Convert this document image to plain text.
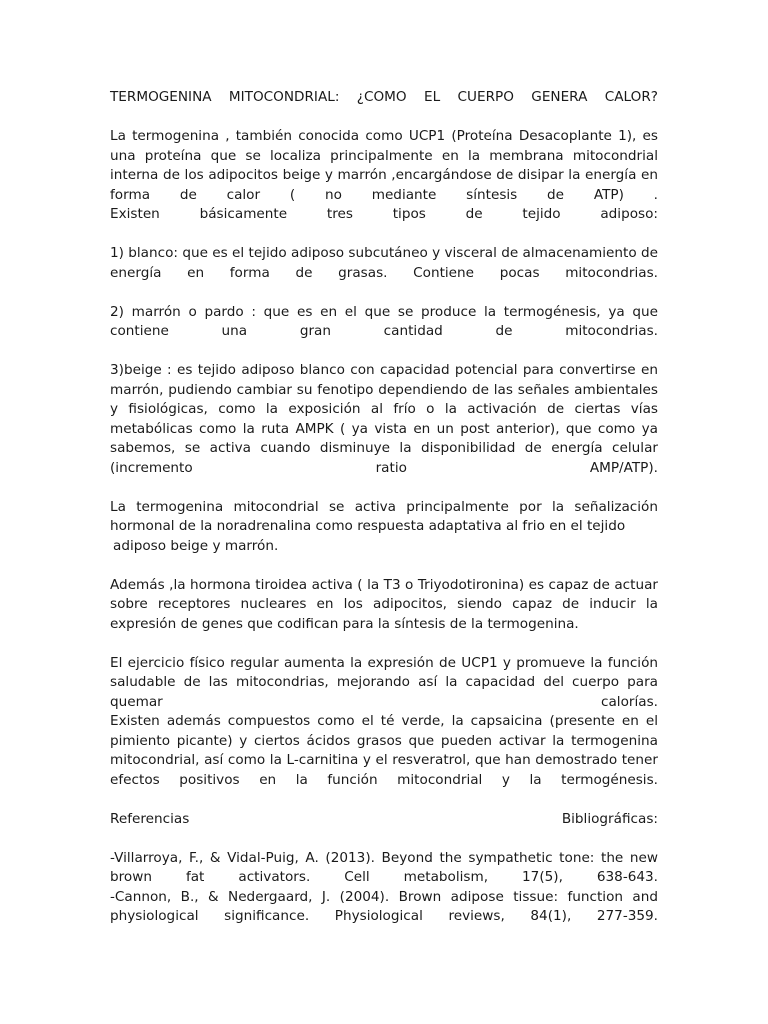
TERMOGENINA MITOCONDRIAL: ¿COMO EL CUERPO GENERA CALOR?

La termogenina , también conocida como UCP1 (Proteína Desacoplante 1), es una proteína que se localiza principalmente en la membrana mitocondrial interna de los adipocitos beige y marrón ,encargándose de disipar la energía en forma de calor ( no mediante síntesis de ATP) .

Existen básicamente tres tipos de tejido adiposo:

1) blanco: que es el tejido adiposo subcutáneo y visceral de almacenamiento de energía en forma de grasas. Contiene pocas mitocondrias.

2) marrón o pardo : que es en el que se produce la termogénesis, ya que contiene una gran cantidad de mitocondrias.

3)beige : es tejido adiposo blanco con capacidad potencial para convertirse en marrón, pudiendo cambiar su fenotipo dependiendo de las señales ambientales y fisiológicas, como la exposición al frío o la activación de ciertas vías metabólicas como la ruta AMPK ( ya vista en un post anterior), que como ya sabemos, se activa cuando disminuye la disponibilidad de energía celular (incremento ratio AMP/ATP).

La termogenina mitocondrial se activa principalmente por la señalización
hormonal de la noradrenalina como respuesta adaptativa al frio en el tejido
adiposo beige y marrón.

Además ,la hormona tiroidea activa ( la T3 o Triyodotironina) es capaz de actuar sobre receptores nucleares en los adipocitos, siendo capaz de inducir la expresión de genes que codifican para la síntesis de la termogenina.

El ejercicio físico regular aumenta la expresión de UCP1 y promueve la función saludable de las mitocondrias, mejorando así la capacidad del cuerpo para quemar calorías.

Existen además compuestos como el té verde, la capsaicina (presente en el pimiento picante) y ciertos ácidos grasos que pueden activar la termogenina mitocondrial, así como la L-carnitina y el resveratrol, que han demostrado tener efectos positivos en la función mitocondrial y la termogénesis.

Referencias	Bibliográficas:

-Villarroya, F., & Vidal-Puig, A. (2013). Beyond the sympathetic tone: the new brown fat activators. Cell metabolism, 17(5), 638-643.

-Cannon, B., & Nedergaard, J. (2004). Brown adipose tissue: function and physiological significance. Physiological reviews, 84(1), 277-359.
